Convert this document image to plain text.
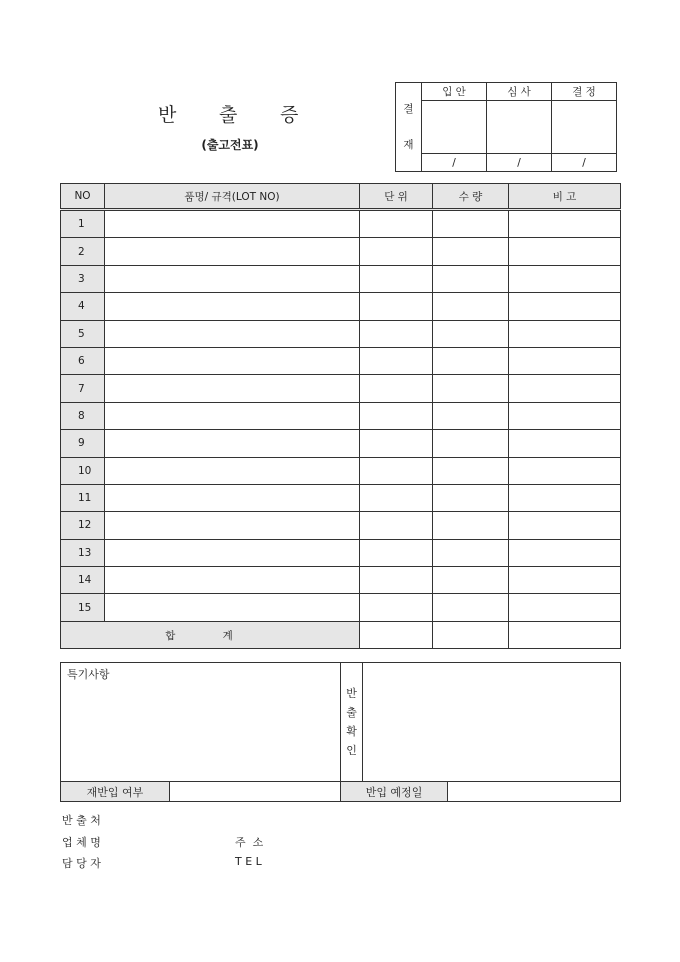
반 출 증
(출고전표)
결
재	입 안	심 사	결 정

	/	/	/
NO	품명/ 규격(LOT NO)	단 위	수 량	비 고
1				
2				
3				
4				
5				
6				
7				
8				
9				
10				
11				
12				
13				
14				
15				
합 계				
특기사항		반
출
확
인		

재반입 여부		반입 예정일		
반 출 처
업 체 명	주  소
담 당 자	T E L
